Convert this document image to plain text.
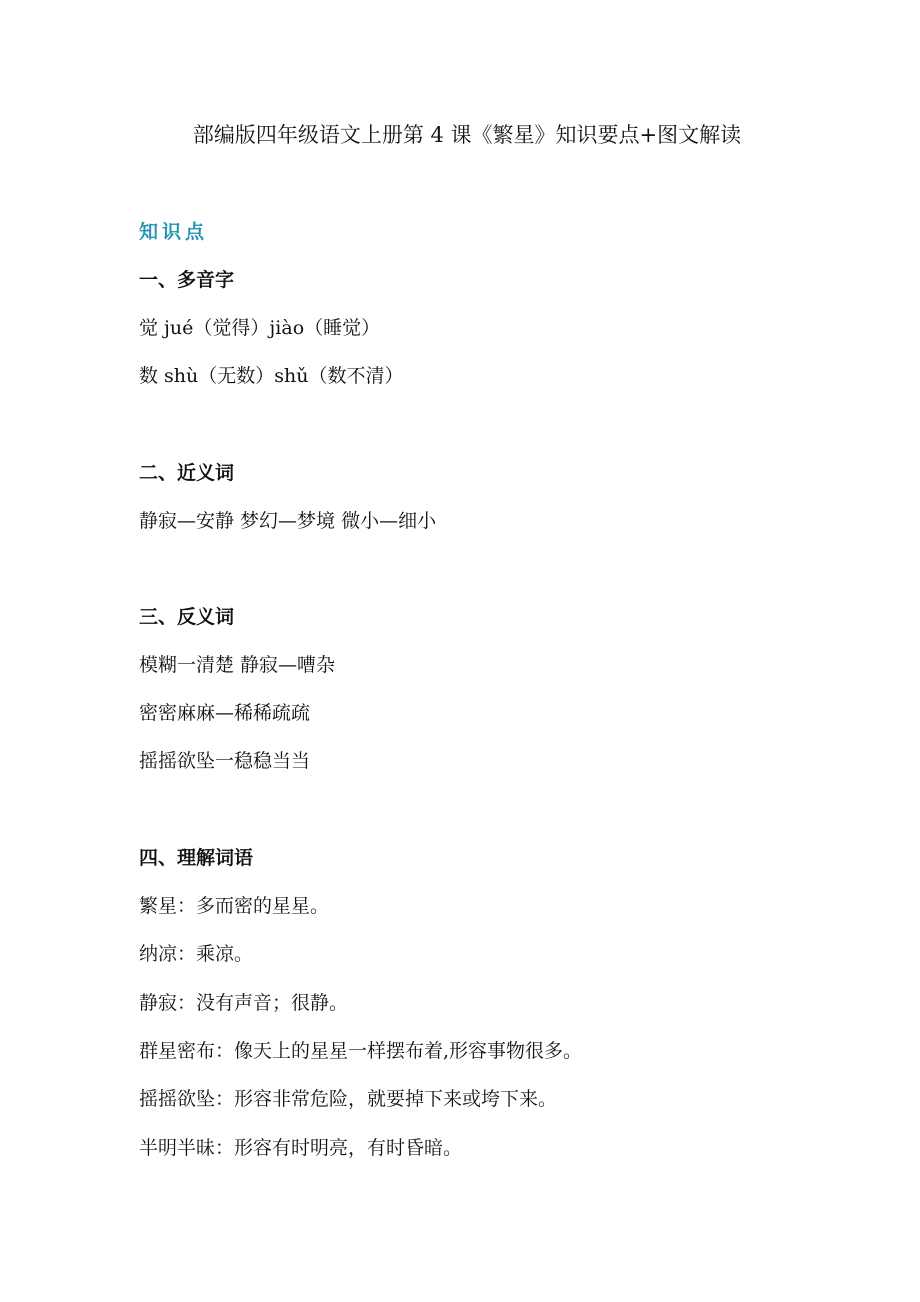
部编版四年级语文上册第 4 课《繁星》知识要点+图文解读
知识点
一、多音字
觉 jué（觉得）jiào（睡觉）
数 shù（无数）shǔ（数不清）
二、近义词
静寂—安静 梦幻—梦境 微小—细小
三、反义词
模糊一清楚 静寂—嘈杂
密密麻麻—稀稀疏疏
摇摇欲坠一稳稳当当
四、理解词语
繁星：多而密的星星。
纳凉：乘凉。
静寂：没有声音；很静。
群星密布：像天上的星星一样摆布着,形容事物很多。
摇摇欲坠：形容非常危险，就要掉下来或垮下来。
半明半昧：形容有时明亮，有时昏暗。
